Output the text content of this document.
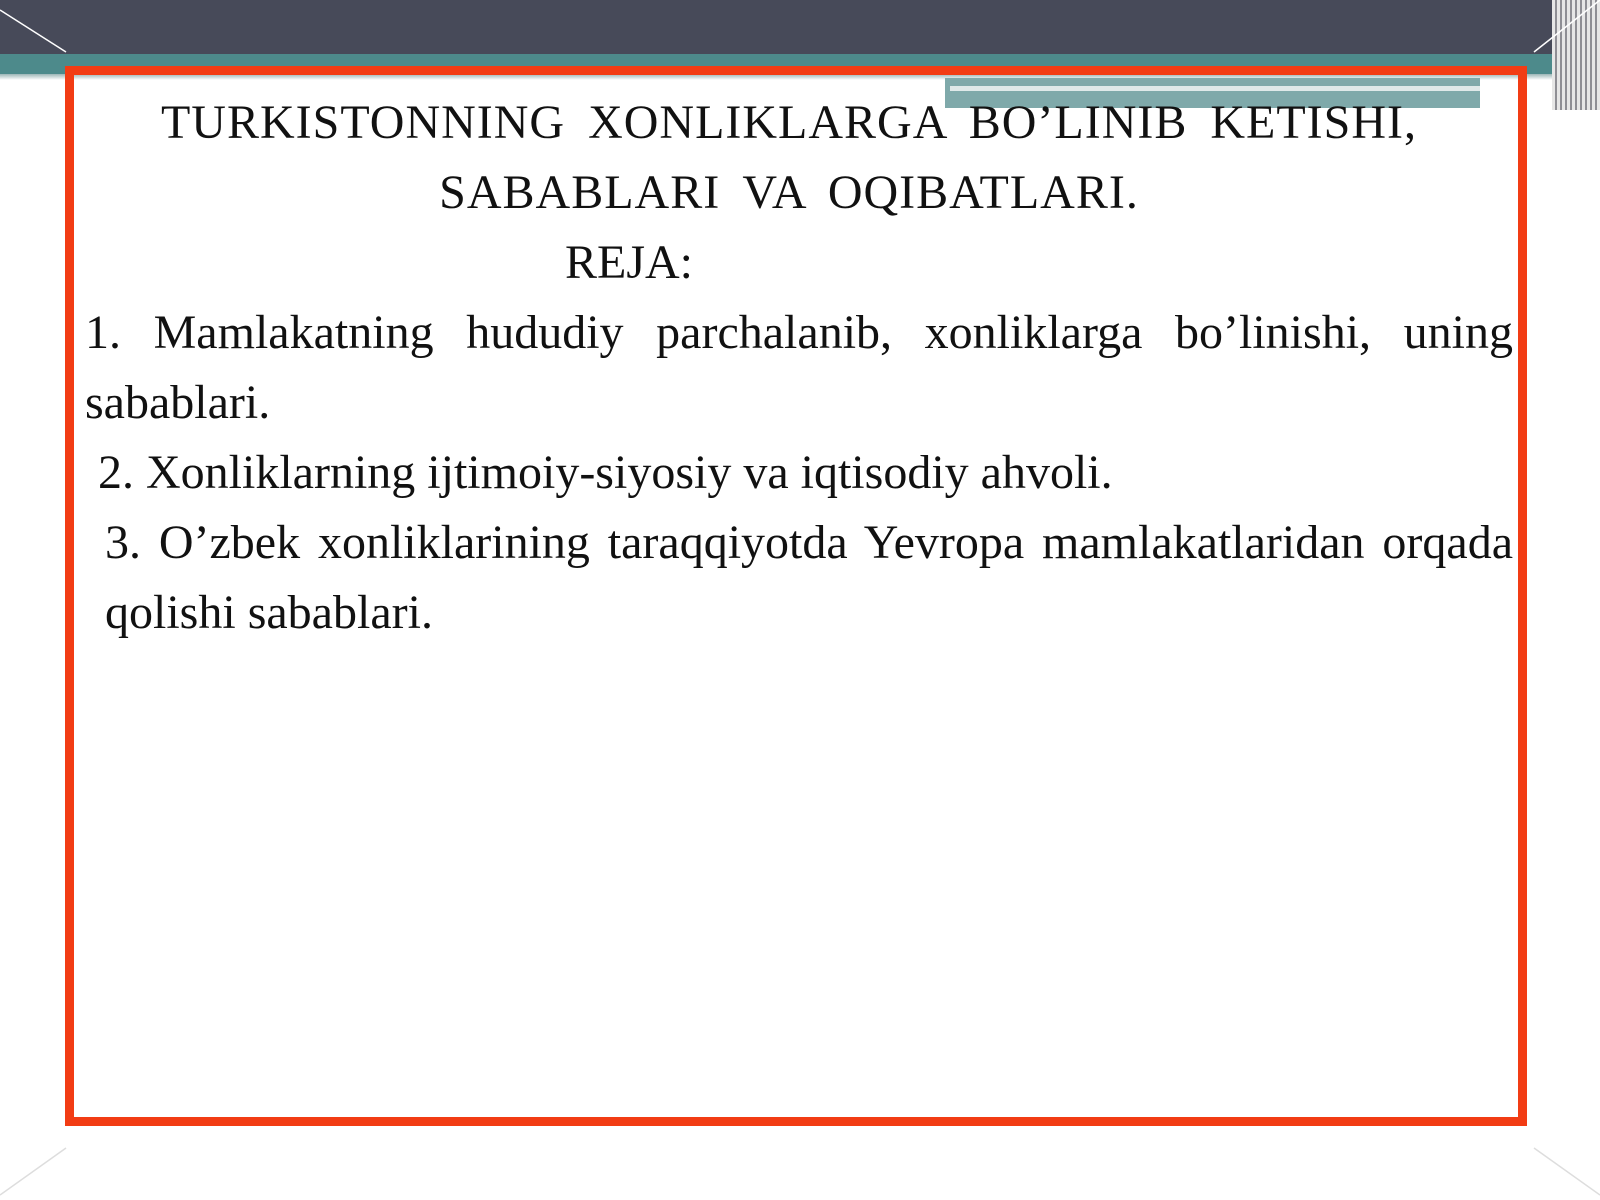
TURKISTONNING XONLIKLARGA BO’LINIB KETISHI,

SABABLARI VA OQIBATLARI.

REJA:

1. Mamlakatning hududiy parchalanib, xonliklarga bo’linishi, uning sabablari.

2. Xonliklarning ijtimoiy-siyosiy va iqtisodiy ahvoli.

3. O’zbek xonliklarining taraqqiyotda Yevropa mamlakatlaridan orqada qolishi sabablari.
